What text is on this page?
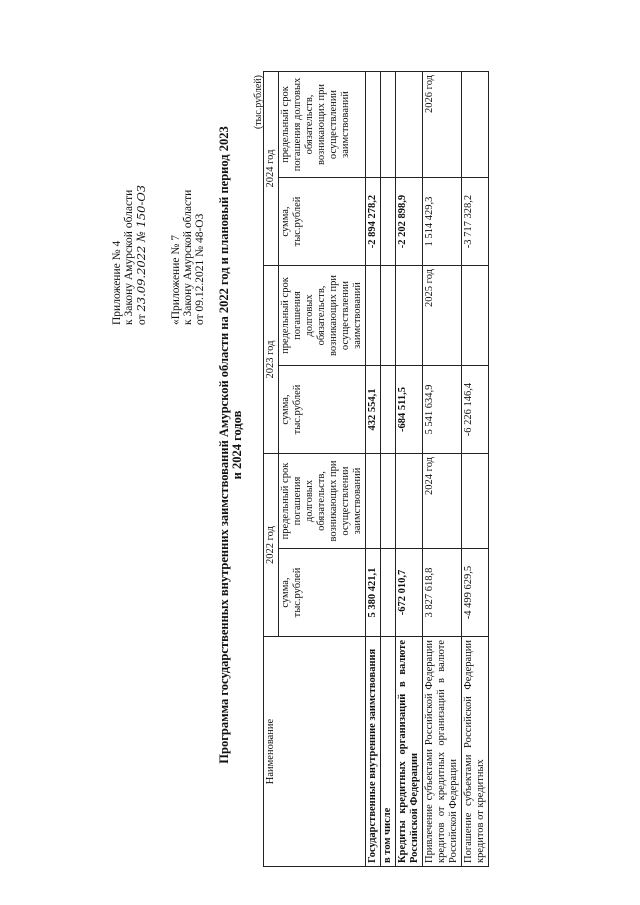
Приложение № 4 к Закону Амурской области от 23.09.2022 № 150-ОЗ «Приложение № 7 к Закону Амурской области от 09.12.2021 № 48-ОЗ Программа государственных внутренних заимствований Амурской области на 2022 год и плановый период 2023 и 2024 годов
(тыс.рублей)
Наименование	2022 год		2023 год		2024 год	
	сумма, тыс.рублей	предельный срок погашения долговых обязательств, возникающих при осуществлении заимствований	сумма, тыс.рублей	предельный срок погашения долговых обязательств, возникающих при осуществлении заимствований	сумма, тыс.рублей	предельный срок погашения долговых обязательств, возникающих при осуществлении заимствований
Государственные внутренние заимствования	5 380 421,1		432 554,1		-2 894 278,2	
в том числе						
Кредиты кредитных организаций в валюте Российской Федерации	-672 010,7		-684 511,5		-2 202 898,9	
Привлечение субъектами Российской Федерации кредитов от кредитных организаций в валюте Российской Федерации	3 827 618,8	2024 год	5 541 634,9	2025 год	1 514 429,3	2026 год
Погашение субъектами Российской Федерации кредитов от кредитных	-4 499 629,5		-6 226 146,4		-3 717 328,2	
